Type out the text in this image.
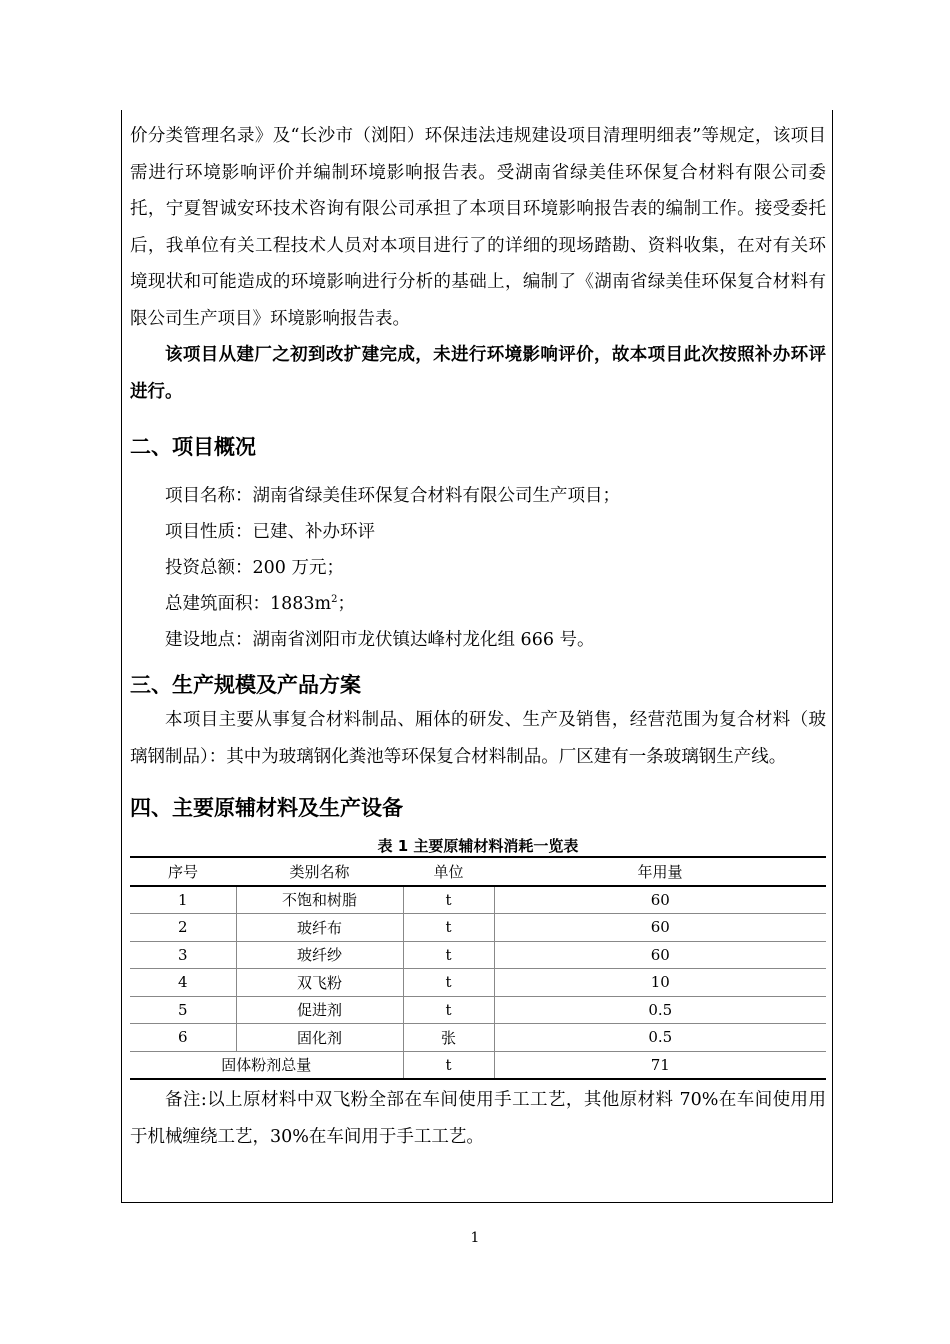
价分类管理名录》及“长沙市（浏阳）环保违法违规建设项目清理明细表”等规定，该项目需进行环境影响评价并编制环境影响报告表。受湖南省绿美佳环保复合材料有限公司委托，宁夏智诚安环技术咨询有限公司承担了本项目环境影响报告表的编制工作。接受委托后，我单位有关工程技术人员对本项目进行了的详细的现场踏勘、资料收集，在对有关环境现状和可能造成的环境影响进行分析的基础上，编制了《湖南省绿美佳环保复合材料有限公司生产项目》环境影响报告表。

该项目从建厂之初到改扩建完成，未进行环境影响评价，故本项目此次按照补办环评进行。

二、项目概况

项目名称：湖南省绿美佳环保复合材料有限公司生产项目；

项目性质：已建、补办环评

投资总额：200 万元；

总建筑面积：$1883m^2$；

建设地点：湖南省浏阳市龙伏镇达峰村龙化组 666 号。

三、生产规模及产品方案

本项目主要从事复合材料制品、厢体的研发、生产及销售，经营范围为复合材料（玻璃钢制品）：其中为玻璃钢化粪池等环保复合材料制品。厂区建有一条玻璃钢生产线。

四、主要原辅材料及生产设备
表 1 主要原辅材料消耗一览表
序号	类别名称	单位	年用量
1	不饱和树脂	t	60
2	玻纤布	t	60
3	玻纤纱	t	60
4	双飞粉	t	10
5	促进剂	t	0.5
6	固化剂	张	0.5
固体粉剂总量		t	71

备注:以上原材料中双飞粉全部在车间使用手工工艺，其他原材料 70%在车间使用用于机械缠绕工艺，30%在车间用于手工工艺。

1
